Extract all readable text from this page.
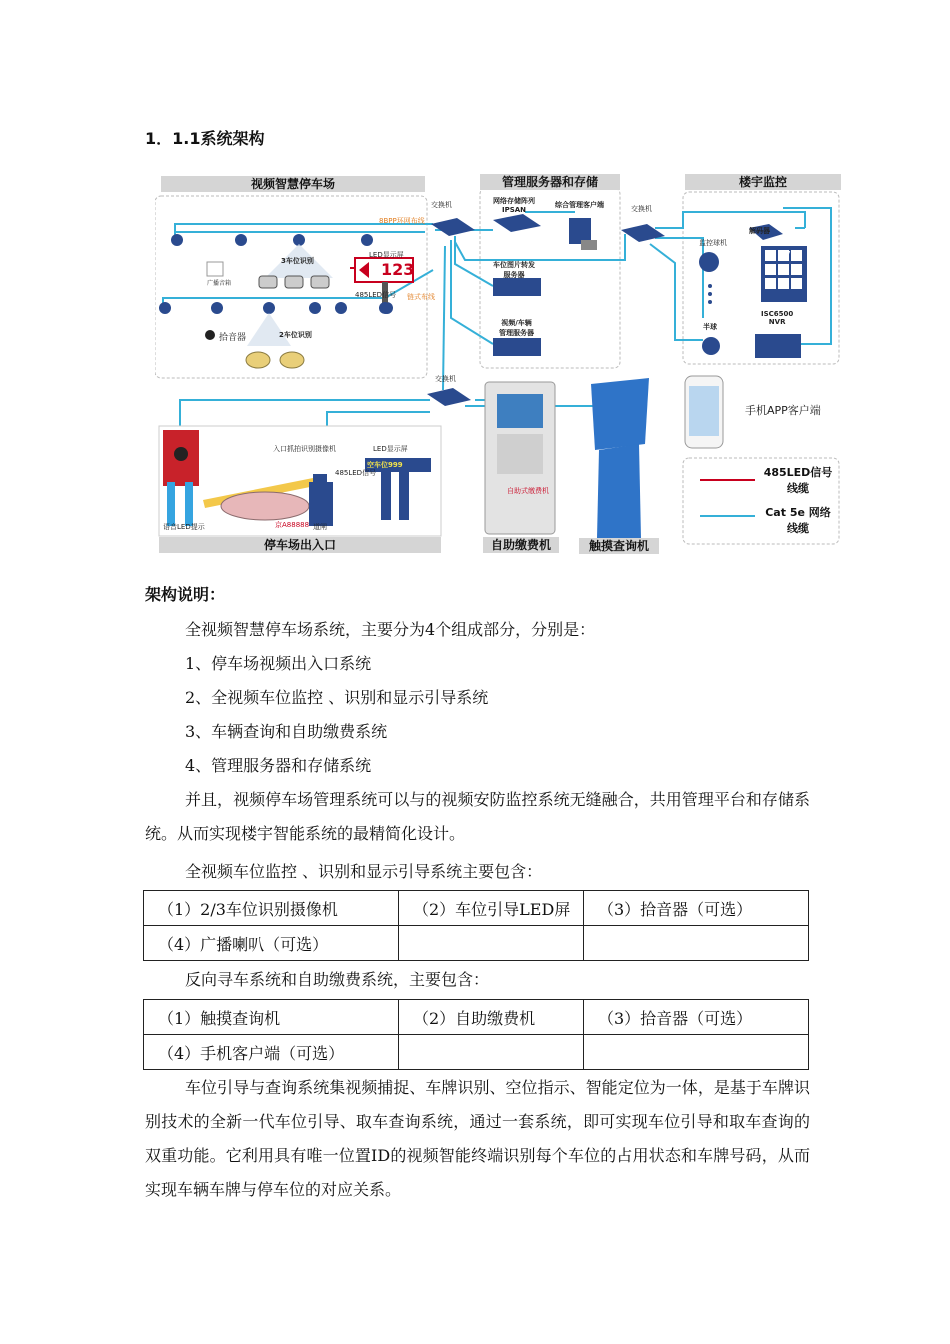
1．1.1系统架构
视频智慧停车场	管理服务器和存储	楼宇监控
停车场出入口	自助缴费机	触摸查询机
交换机	交换机
交换机
8BPP环网布线
链式布线
3车位识别
2车位识别
LED显示屏
123
485LED信号
广播音箱
拾音器
网络存储阵列
IPSAN
综合管理客户端
车位图片转发
服务器
视频/车辆
管理服务器
监控球机
解码器
TV
半球
ISC6500
NVR
手机APP客户端
入口抓拍识别摄像机	LED显示屏
空车位999
485LED信号
道闸
语音LED提示	京A88888
自助式缴费机
485LED信号
线缆
Cat 5e 网络
线缆
架构说明：
全视频智慧停车场系统，主要分为4个组成部分，分别是：
1、停车场视频出入口系统
2、全视频车位监控 、识别和显示引导系统
3、车辆查询和自助缴费系统
4、管理服务器和存储系统
并且，视频停车场管理系统可以与的视频安防监控系统无缝融合，共用管理平台和存储系统。从而实现楼宇智能系统的最精简化设计。
全视频车位监控 、识别和显示引导系统主要包含：
（1）2/3车位识别摄像机	（2）车位引导LED屏	（3）拾音器（可选）
（4）广播喇叭（可选）		
反向寻车系统和自助缴费系统，主要包含：
（1）触摸查询机	（2）自助缴费机	（3）拾音器（可选）
（4）手机客户端（可选）		
车位引导与查询系统集视频捕捉、车牌识别、空位指示、智能定位为一体，是基于车牌识别技术的全新一代车位引导、取车查询系统，通过一套系统，即可实现车位引导和取车查询的双重功能。它利用具有唯一位置ID的视频智能终端识别每个车位的占用状态和车牌号码，从而实现车辆车牌与停车位的对应关系。
